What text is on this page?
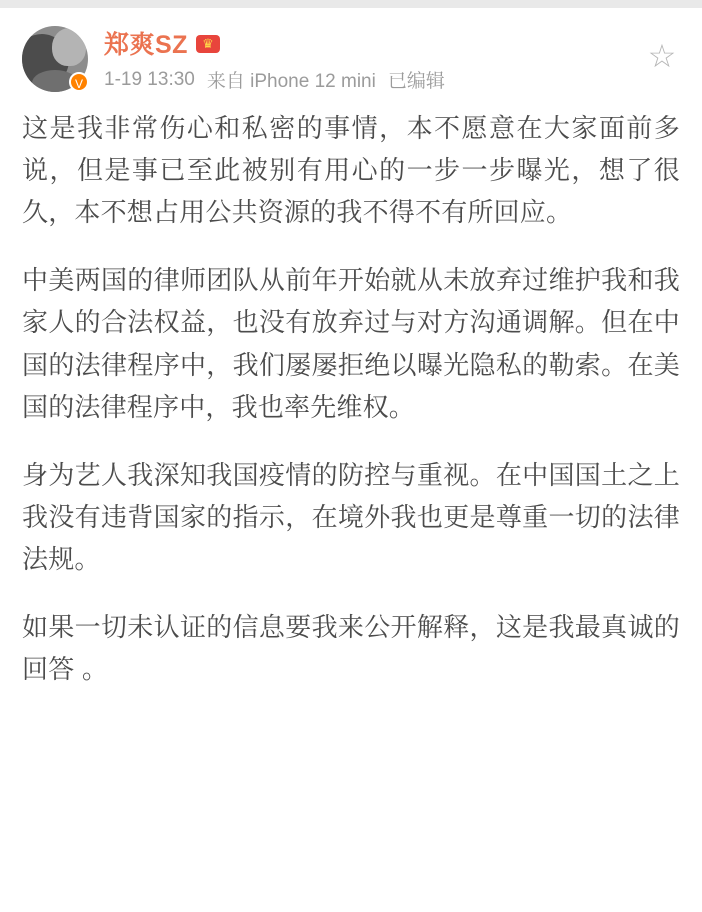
V
郑爽SZ	♛
1-19 13:30 来自 iPhone 12 mini 已编辑
☆

这是我非常伤心和私密的事情，本不愿意在大家面前多说，但是事已至此被别有用心的一步一步曝光，想了很久，本不想占用公共资源的我不得不有所回应。

中美两国的律师团队从前年开始就从未放弃过维护我和我家人的合法权益，也没有放弃过与对方沟通调解。但在中国的法律程序中，我们屡屡拒绝以曝光隐私的勒索。在美国的法律程序中，我也率先维权。

身为艺人我深知我国疫情的防控与重视。在中国国土之上我没有违背国家的指示，在境外我也更是尊重一切的法律法规。

如果一切未认证的信息要我来公开解释，这是我最真诚的回答 。
